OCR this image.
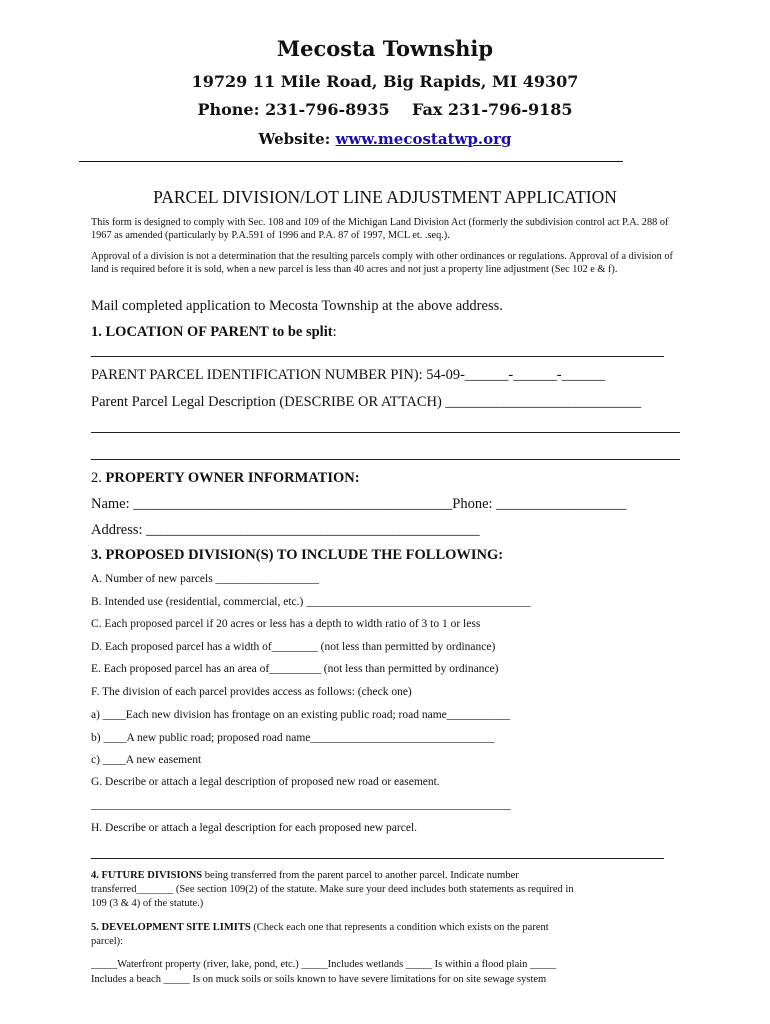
Mecosta Township
19729 11 Mile Road, Big Rapids, MI 49307
Phone: 231-796-8935    Fax 231-796-9185
Website: www.mecostatwp.org
PARCEL DIVISION/LOT LINE ADJUSTMENT APPLICATION

This form is designed to comply with Sec. 108 and 109 of the Michigan Land Division Act (formerly the subdivision control act P.A. 288 of 1967 as amended (particularly by P.A.591 of 1996 and P.A. 87 of 1997, MCL et. .seq.).

Approval of a division is not a determination that the resulting parcels comply with other ordinances or regulations. Approval of a division of land is required before it is sold, when a new parcel is less than 40 acres and not just a property line adjustment (Sec 102 e & f).

Mail completed application to Mecosta Township at the above address.
1. LOCATION OF PARENT to be split:
PARENT PARCEL IDENTIFICATION NUMBER PIN): 54-09-______-______-______
Parent Parcel Legal Description (DESCRIBE OR ATTACH) ___________________________
2. PROPERTY OWNER INFORMATION:
Name: ____________________________________________Phone: __________________
Address: ______________________________________________
3. PROPOSED DIVISION(S) TO INCLUDE THE FOLLOWING:
A. Number of new parcels __________________
B. Intended use (residential, commercial, etc.) _______________________________________
C. Each proposed parcel if 20 acres or less has a depth to width ratio of 3 to 1 or less
D. Each proposed parcel has a width of________ (not less than permitted by ordinance)
E. Each proposed parcel has an area of_________ (not less than permitted by ordinance)
F. The division of each parcel provides access as follows: (check one)
a) ____Each new division has frontage on an existing public road; road name___________
b) ____A new public road; proposed road name________________________________
c) ____A new easement
G. Describe or attach a legal description of proposed new road or easement.
_________________________________________________________________________
H. Describe or attach a legal description for each proposed new parcel.
4. FUTURE DIVISIONS being transferred from the parent parcel to another parcel. Indicate number
transferred_______ (See section 109(2) of the statute. Make sure your deed includes both statements as required in
109 (3 & 4) of the statute.)
5. DEVELOPMENT SITE LIMITS (Check each one that represents a condition which exists on the parent
parcel):
_____Waterfront property (river, lake, pond, etc.) _____Includes wetlands _____ Is within a flood plain _____
Includes a beach _____ Is on muck soils or soils known to have severe limitations for on site sewage system
